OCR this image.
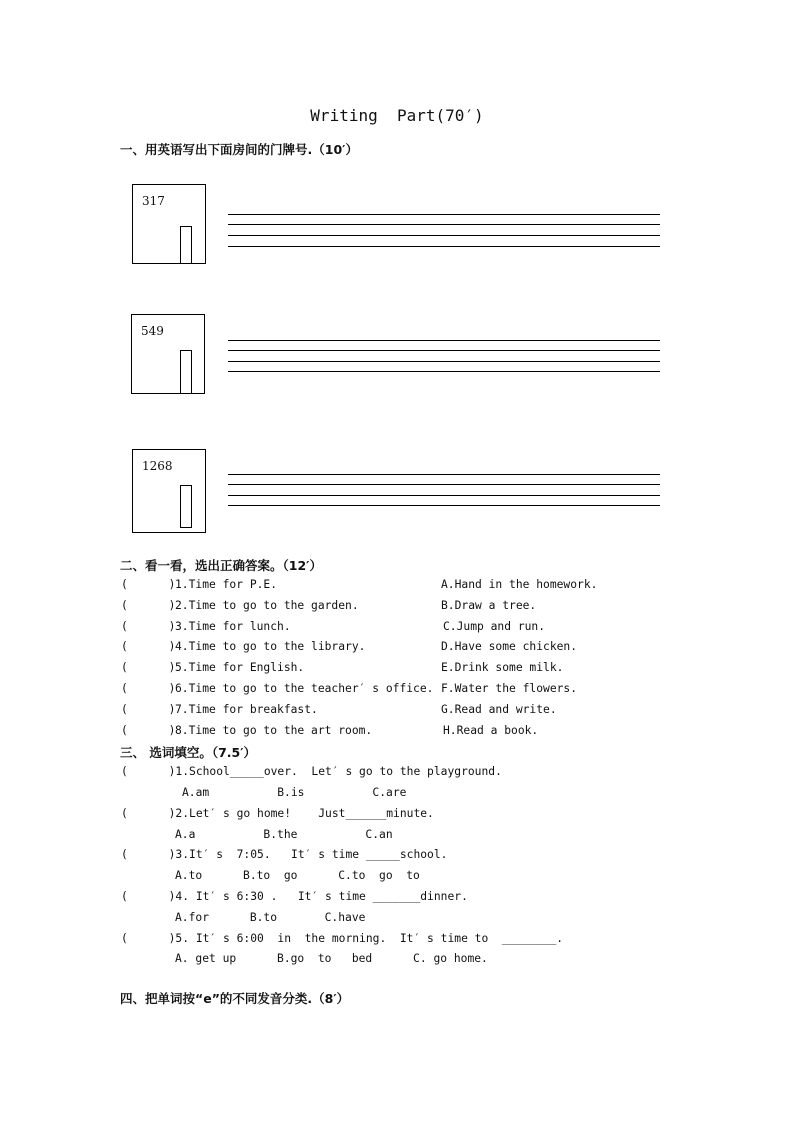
Writing  Part(70′)
一、用英语写出下面房间的门牌号.（10′）
317
549
1268
二、看一看，选出正确答案。（12′）
(      ) 1.Time for P.E.	A.Hand in the homework.
(      ) 2.Time to go to the garden.	B.Draw a tree.
(      ) 3.Time for lunch.	C.Jump and run.
(      ) 4.Time to go to the library.	D.Have some chicken.
(      ) 5.Time for English.	E.Drink some milk.
(      ) 6.Time to go to the teacher′ s office. F.Water the flowers.
(      ) 7.Time for breakfast.	G.Read and write.
(      ) 8.Time to go to the art room.	H.Read a book.
三、 选词填空。（7.5′）
(      )1.School_____over.  Let′ s go to the playground.
A.am          B.is          C.are
(      )2.Let′ s go home!    Just______minute.
A.a          B.the          C.an
(      )3.It′ s  7:05.   It′ s time _____school.
A.to      B.to  go      C.to  go  to
(      )4. It′ s 6:30 .   It′ s time _______dinner.
A.for      B.to       C.have
(      )5. It′ s 6:00  in  the morning.  It′ s time to  ________.
A. get up      B.go  to   bed      C. go home.
四、把单词按“e”的不同发音分类.（8′）
